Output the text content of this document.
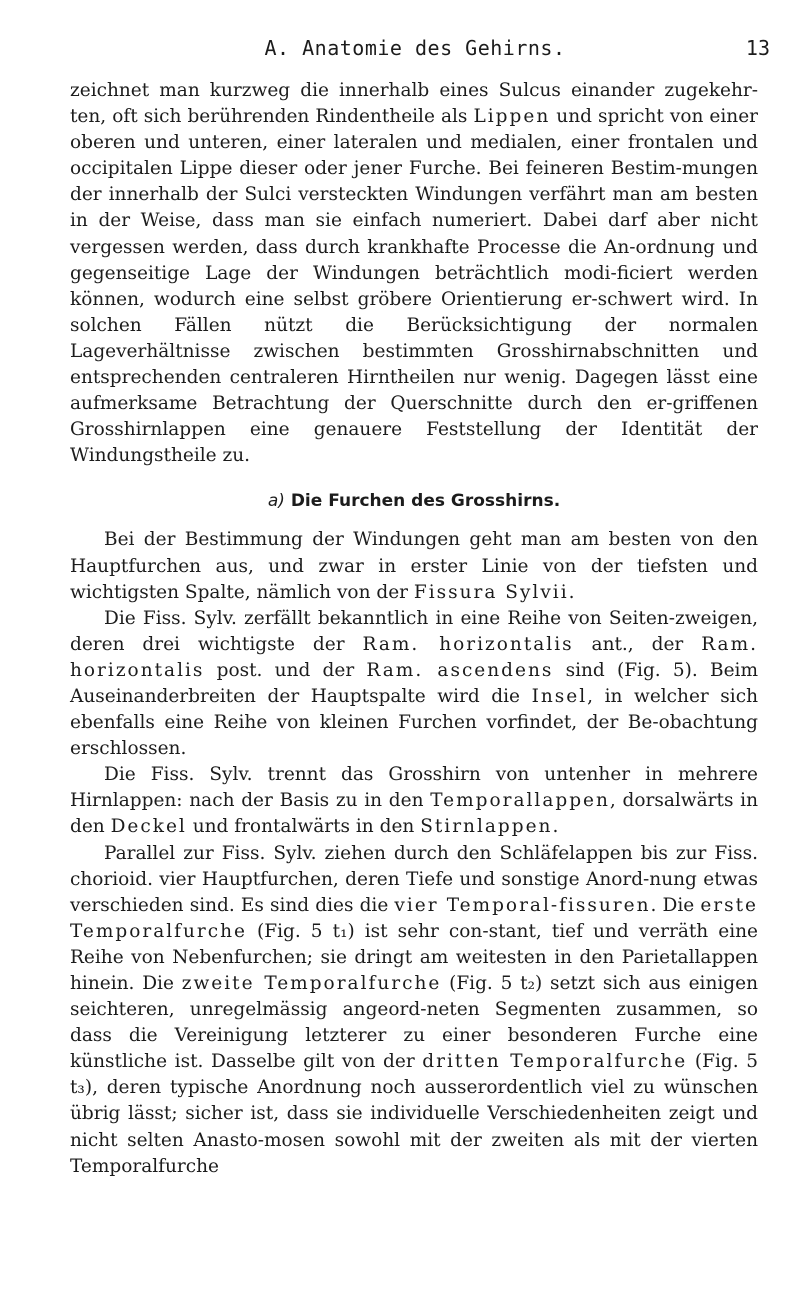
A. Anatomie des Gehirns.	13

zeichnet man kurzweg die innerhalb eines Sulcus einander zugekehr-ten, oft sich berührenden Rindentheile als Lippen und spricht von einer oberen und unteren, einer lateralen und medialen, einer frontalen und occipitalen Lippe dieser oder jener Furche. Bei feineren Bestim-mungen der innerhalb der Sulci versteckten Windungen verfährt man am besten in der Weise, dass man sie einfach numeriert. Dabei darf aber nicht vergessen werden, dass durch krankhafte Processe die An-ordnung und gegenseitige Lage der Windungen beträchtlich modi-ficiert werden können, wodurch eine selbst gröbere Orientierung er-schwert wird. In solchen Fällen nützt die Berücksichtigung der normalen Lageverhältnisse zwischen bestimmten Grosshirnabschnitten und entsprechenden centraleren Hirntheilen nur wenig. Dagegen lässt eine aufmerksame Betrachtung der Querschnitte durch den er-griffenen Grosshirnlappen eine genauere Feststellung der Identität der Windungstheile zu.

a) Die Furchen des Grosshirns.

Bei der Bestimmung der Windungen geht man am besten von den Hauptfurchen aus, und zwar in erster Linie von der tiefsten und wichtigsten Spalte, nämlich von der Fissura Sylvii.

Die Fiss. Sylv. zerfällt bekanntlich in eine Reihe von Seiten-zweigen, deren drei wichtigste der Ram. horizontalis ant., der Ram. horizontalis post. und der Ram. ascendens sind (Fig. 5). Beim Auseinanderbreiten der Hauptspalte wird die Insel, in welcher sich ebenfalls eine Reihe von kleinen Furchen vorfindet, der Be-obachtung erschlossen.

Die Fiss. Sylv. trennt das Grosshirn von untenher in mehrere Hirnlappen: nach der Basis zu in den Temporallappen, dorsalwärts in den Deckel und frontalwärts in den Stirnlappen.

Parallel zur Fiss. Sylv. ziehen durch den Schläfelappen bis zur Fiss. chorioid. vier Hauptfurchen, deren Tiefe und sonstige Anord-nung etwas verschieden sind. Es sind dies die vier Temporal-fissuren. Die erste Temporalfurche (Fig. 5 t₁) ist sehr con-stant, tief und verräth eine Reihe von Nebenfurchen; sie dringt am weitesten in den Parietallappen hinein. Die zweite Temporalfurche (Fig. 5 t₂) setzt sich aus einigen seichteren, unregelmässig angeord-neten Segmenten zusammen, so dass die Vereinigung letzterer zu einer besonderen Furche eine künstliche ist. Dasselbe gilt von der dritten Temporalfurche (Fig. 5 t₃), deren typische Anordnung noch ausserordentlich viel zu wünschen übrig lässt; sicher ist, dass sie individuelle Verschiedenheiten zeigt und nicht selten Anasto-mosen sowohl mit der zweiten als mit der vierten Temporalfurche
